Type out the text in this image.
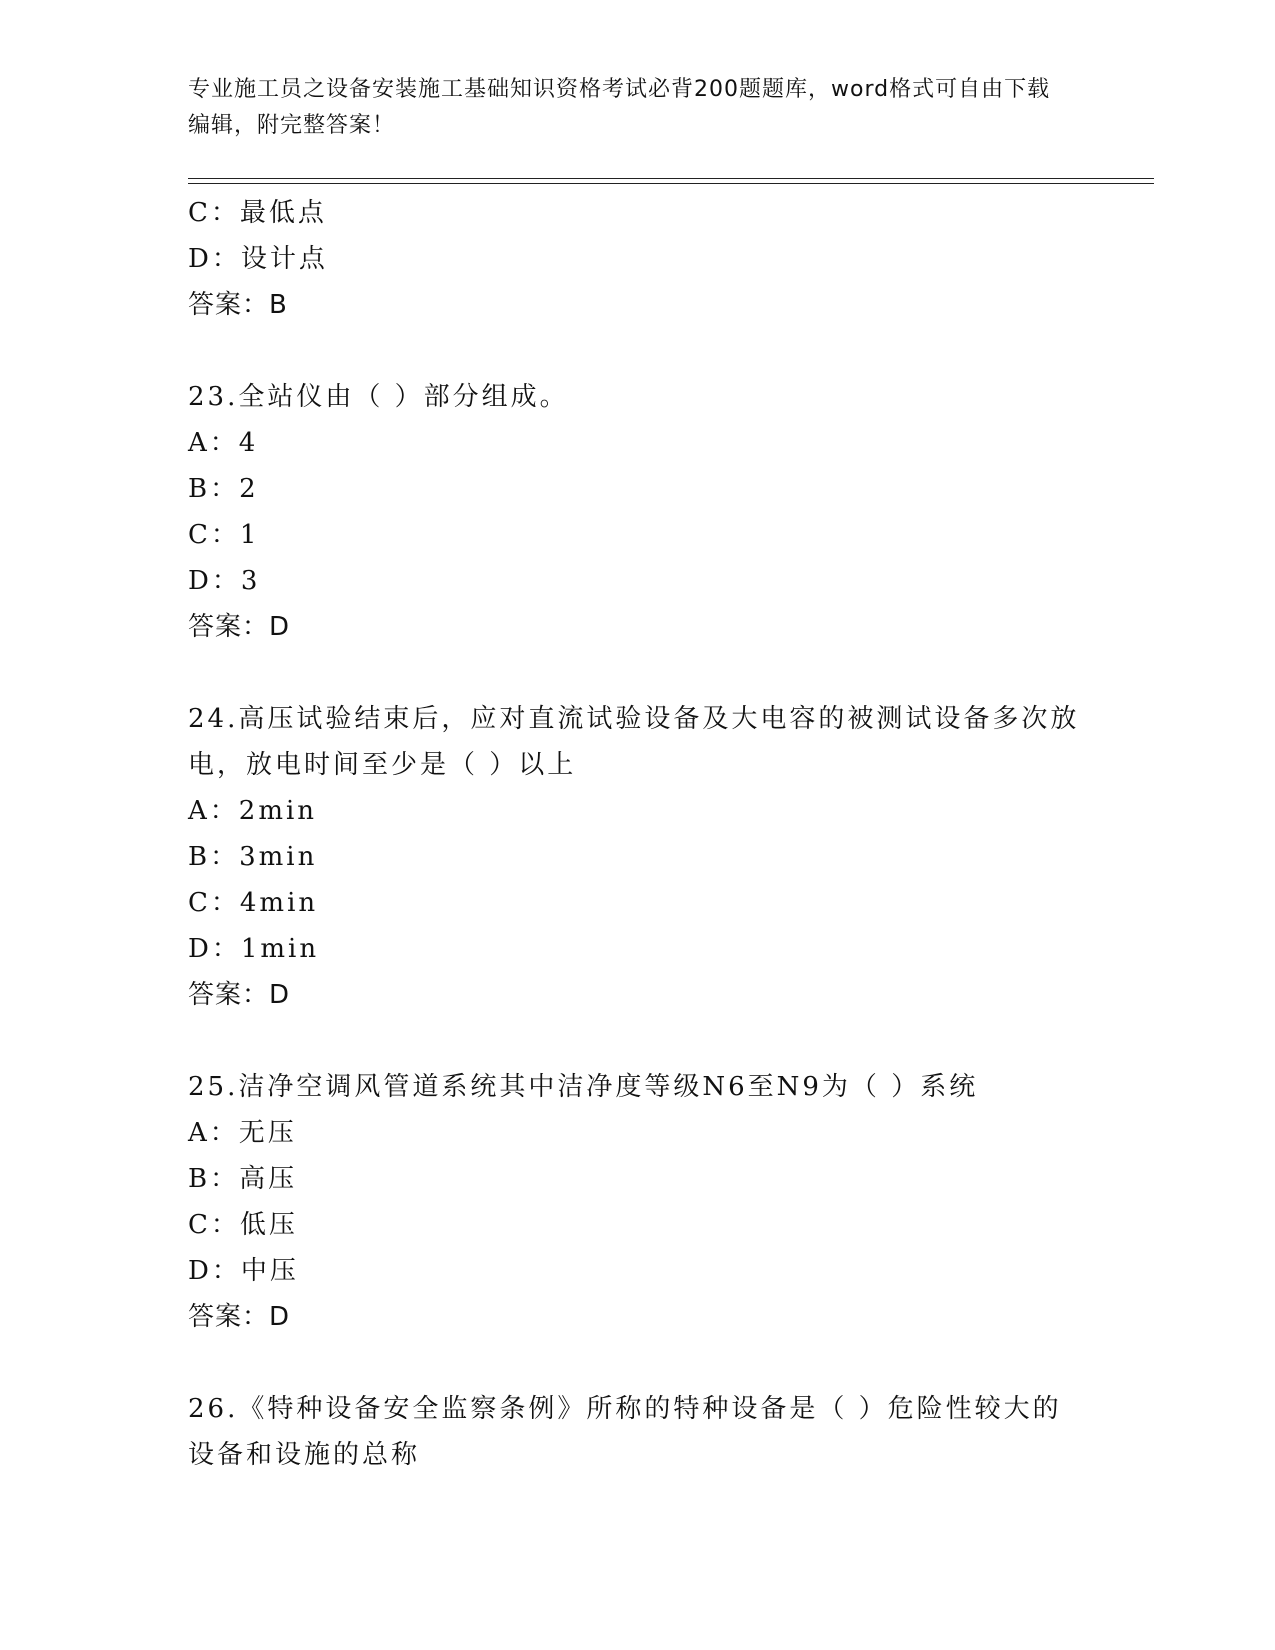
专业施工员之设备安装施工基础知识资格考试必背200题题库，word格式可自由下载编辑，附完整答案！
C：最低点
D：设计点
答案：B
23.全站仪由（ ）部分组成。
A：4
B：2
C：1
D：3
答案：D
24.高压试验结束后，应对直流试验设备及大电容的被测试设备多次放
电，放电时间至少是（ ）以上
A：2min
B：3min
C：4min
D：1min
答案：D
25.洁净空调风管道系统其中洁净度等级N6至N9为（ ）系统
A：无压
B：高压
C：低压
D：中压
答案：D
26.《特种设备安全监察条例》所称的特种设备是（ ）危险性较大的
设备和设施的总称
